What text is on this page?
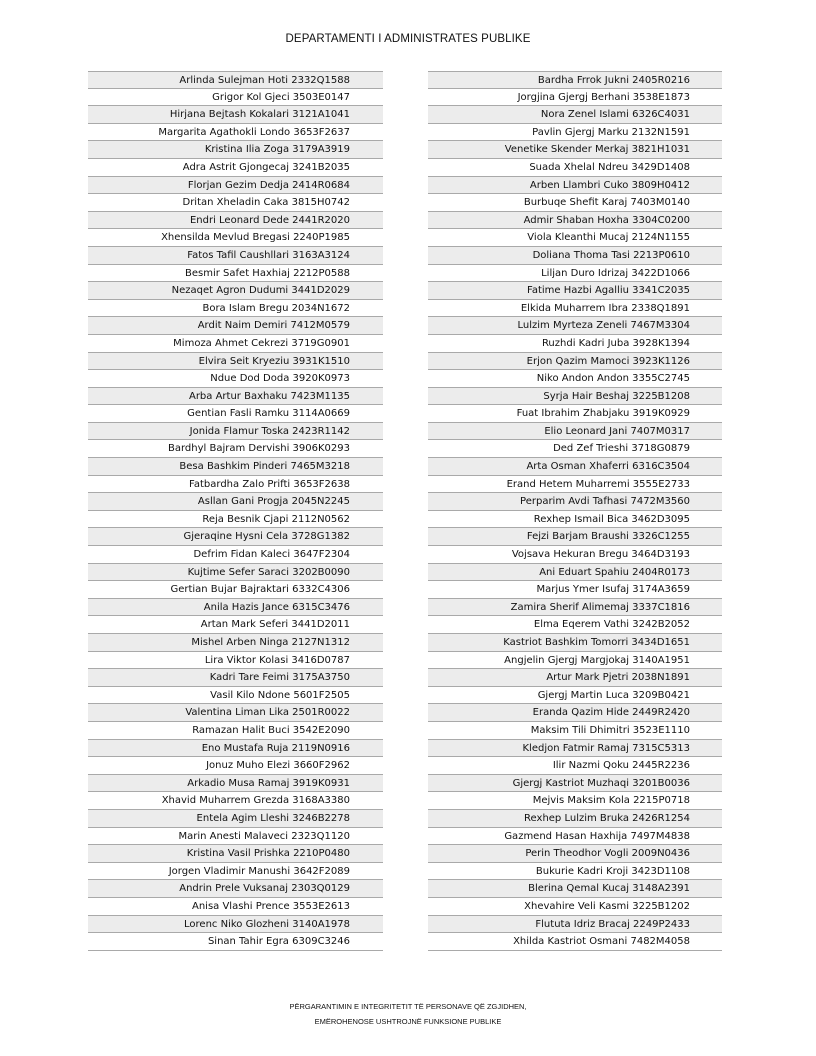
DEPARTAMENTI I ADMINISTRATES PUBLIKE
Arlinda Sulejman Hoti 2332Q1588
Grigor Kol Gjeci 3503E0147
Hirjana Bejtash Kokalari 3121A1041
Margarita Agathokli Londo 3653F2637
Kristina Ilia Zoga 3179A3919
Adra Astrit Gjongecaj 3241B2035
Florjan Gezim Dedja 2414R0684
Dritan Xheladin Caka 3815H0742
Endri Leonard Dede 2441R2020
Xhensilda Mevlud Bregasi 2240P1985
Fatos Tafil Caushllari 3163A3124
Besmir Safet Haxhiaj 2212P0588
Nezaqet Agron Dudumi 3441D2029
Bora Islam Bregu 2034N1672
Ardit Naim Demiri 7412M0579
Mimoza Ahmet Cekrezi 3719G0901
Elvira Seit Kryeziu 3931K1510
Ndue Dod Doda 3920K0973
Arba Artur Baxhaku 7423M1135
Gentian Fasli Ramku 3114A0669
Jonida Flamur Toska 2423R1142
Bardhyl Bajram Dervishi 3906K0293
Besa Bashkim Pinderi 7465M3218
Fatbardha Zalo Prifti 3653F2638
Asllan Gani Progja 2045N2245
Reja Besnik Cjapi 2112N0562
Gjeraqine Hysni Cela 3728G1382
Defrim Fidan Kaleci 3647F2304
Kujtime Sefer Saraci 3202B0090
Gertian Bujar Bajraktari 6332C4306
Anila Hazis Jance 6315C3476
Artan Mark Seferi 3441D2011
Mishel Arben Ninga 2127N1312
Lira Viktor Kolasi 3416D0787
Kadri Tare Feimi 3175A3750
Vasil Kilo Ndone 5601F2505
Valentina Liman Lika 2501R0022
Ramazan Halit Buci 3542E2090
Eno Mustafa Ruja 2119N0916
Jonuz Muho Elezi 3660F2962
Arkadio Musa Ramaj 3919K0931
Xhavid Muharrem Grezda 3168A3380
Entela Agim Lleshi 3246B2278
Marin Anesti Malaveci 2323Q1120
Kristina Vasil Prishka 2210P0480
Jorgen Vladimir Manushi 3642F2089
Andrin Prele Vuksanaj 2303Q0129
Anisa Vlashi Prence 3553E2613
Lorenc Niko Glozheni 3140A1978
Sinan Tahir Egra 6309C3246
Bardha Frrok Jukni 2405R0216
Jorgjina Gjergj Berhani 3538E1873
Nora Zenel Islami 6326C4031
Pavlin Gjergj Marku 2132N1591
Venetike Skender Merkaj 3821H1031
Suada Xhelal Ndreu 3429D1408
Arben Llambri Cuko 3809H0412
Burbuqe Shefit Karaj 7403M0140
Admir Shaban Hoxha 3304C0200
Viola Kleanthi Mucaj 2124N1155
Doliana Thoma Tasi 2213P0610
Liljan Duro Idrizaj 3422D1066
Fatime Hazbi Agalliu 3341C2035
Elkida Muharrem Ibra 2338Q1891
Lulzim Myrteza Zeneli 7467M3304
Ruzhdi Kadri Juba 3928K1394
Erjon Qazim Mamoci 3923K1126
Niko Andon Andon 3355C2745
Syrja Hair Beshaj 3225B1208
Fuat Ibrahim Zhabjaku 3919K0929
Elio Leonard Jani 7407M0317
Ded Zef Trieshi 3718G0879
Arta Osman Xhaferri 6316C3504
Erand Hetem Muharremi 3555E2733
Perparim Avdi Tafhasi 7472M3560
Rexhep Ismail Bica 3462D3095
Fejzi Barjam Braushi 3326C1255
Vojsava Hekuran Bregu 3464D3193
Ani Eduart Spahiu 2404R0173
Marjus Ymer Isufaj 3174A3659
Zamira Sherif Alimemaj 3337C1816
Elma Eqerem Vathi 3242B2052
Kastriot Bashkim Tomorri 3434D1651
Angjelin Gjergj Margjokaj 3140A1951
Artur Mark Pjetri 2038N1891
Gjergj Martin Luca 3209B0421
Eranda Qazim Hide 2449R2420
Maksim Tili Dhimitri 3523E1110
Kledjon Fatmir Ramaj 7315C5313
Ilir Nazmi Qoku 2445R2236
Gjergj Kastriot Muzhaqi 3201B0036
Mejvis Maksim Kola 2215P0718
Rexhep Lulzim Bruka 2426R1254
Gazmend Hasan Haxhija 7497M4838
Perin Theodhor Vogli 2009N0436
Bukurie Kadri Kroji 3423D1108
Blerina Qemal Kucaj 3148A2391
Xhevahire Veli Kasmi 3225B1202
Flututa Idriz Bracaj 2249P2433
Xhilda Kastriot Osmani 7482M4058
PËRGARANTIMIN E INTEGRITETIT TË PERSONAVE QË ZGJIDHEN,
EMËROHENOSE USHTROJNË FUNKSIONE PUBLIKE
